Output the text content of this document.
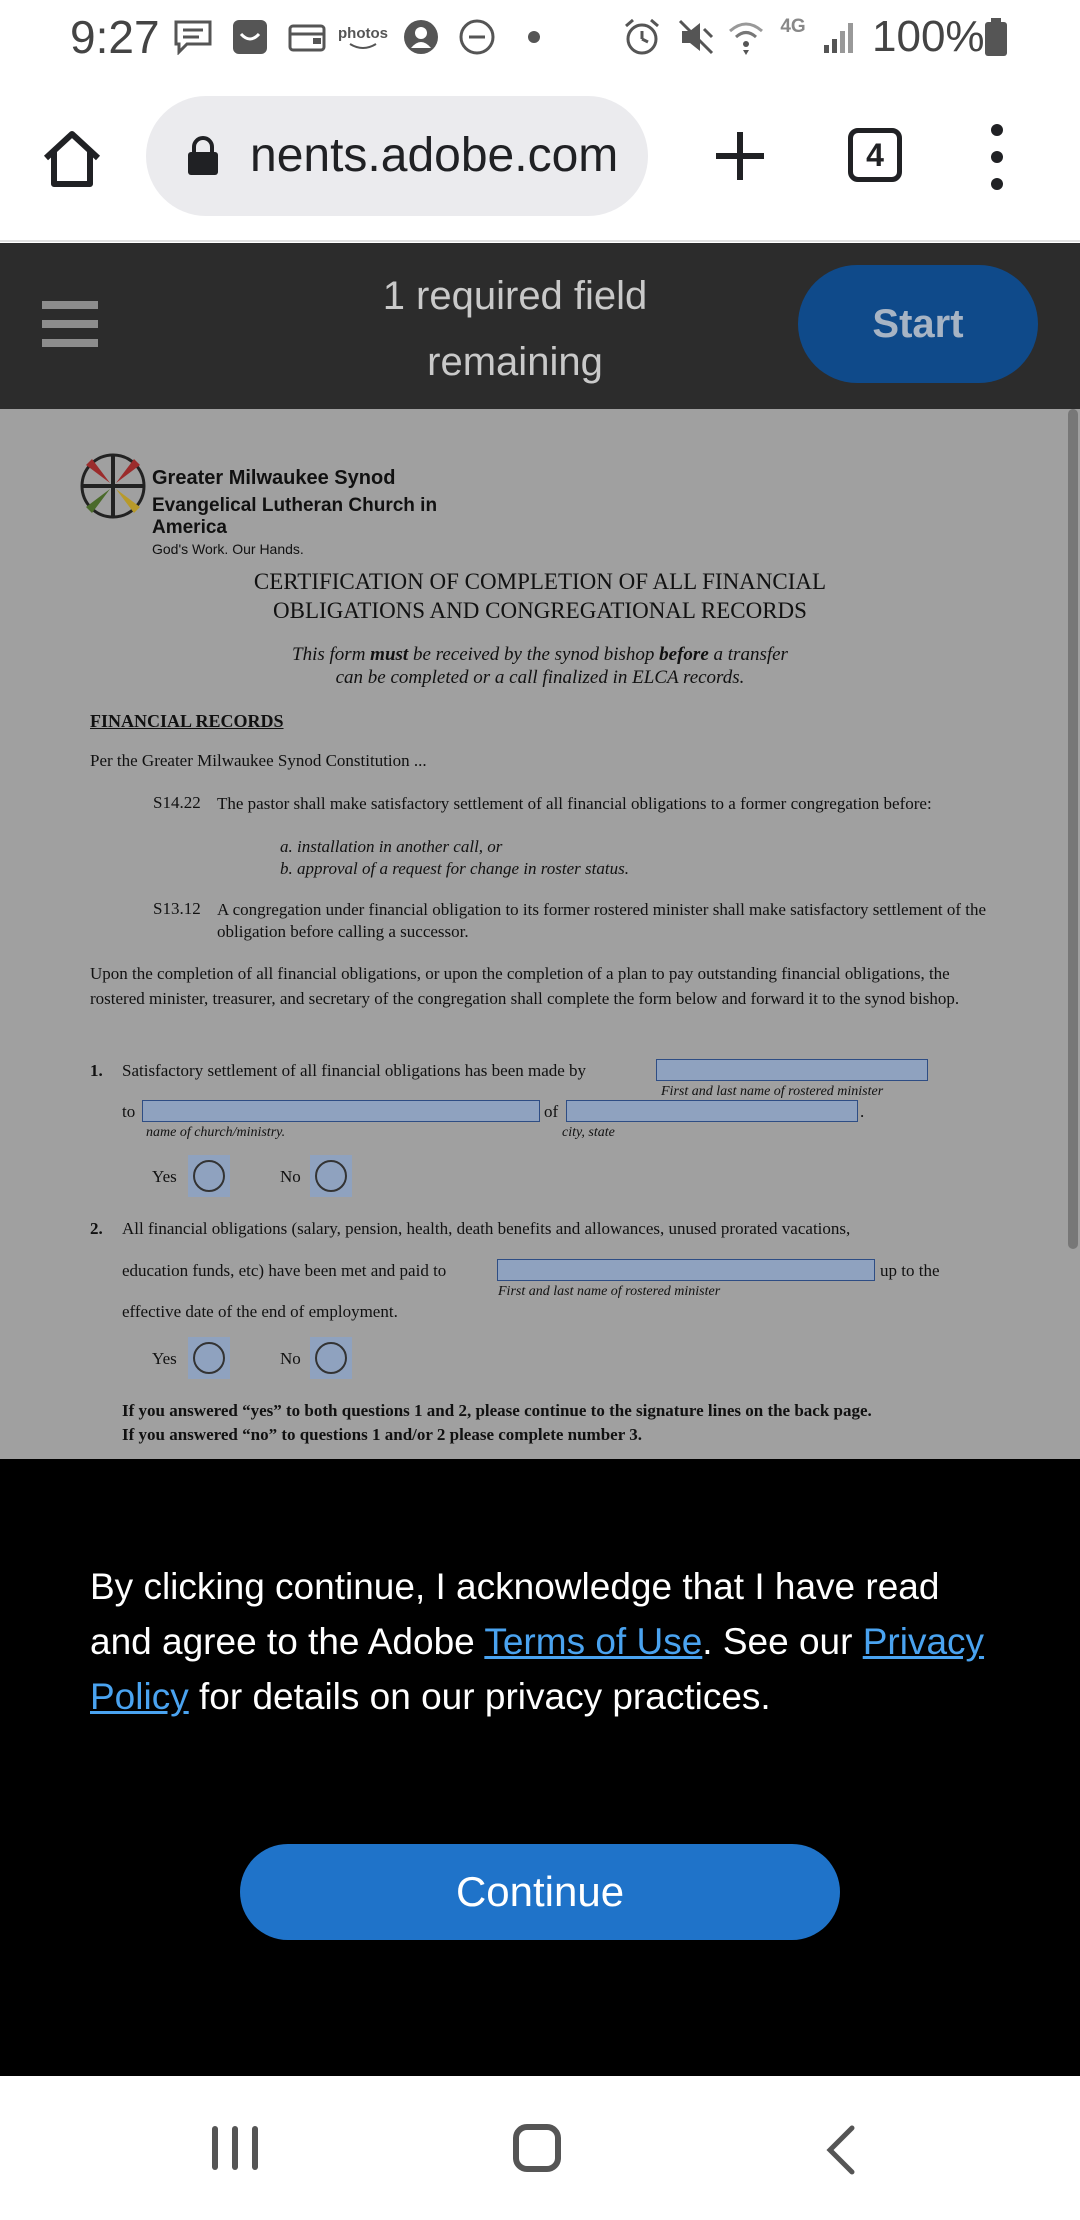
9:27	photos	4G 100%
nents.adobe.com	4
1 required field
remaining
Start
Greater Milwaukee Synod
Evangelical Lutheran Church in America
God's Work. Our Hands.
CERTIFICATION OF COMPLETION OF ALL FINANCIAL
OBLIGATIONS AND CONGREGATIONAL RECORDS
This form must be received by the synod bishop before a transfer
can be completed or a call finalized in ELCA records.
FINANCIAL RECORDS
Per the Greater Milwaukee Synod Constitution ...
S14.22 The pastor shall make satisfactory settlement of all financial obligations to a former congregation before:
a. installation in another call, or
b. approval of a request for change in roster status.
S13.12 A congregation under financial obligation to its former rostered minister shall make satisfactory settlement of the obligation before calling a successor.
Upon the completion of all financial obligations, or upon the completion of a plan to pay outstanding financial obligations, the rostered minister, treasurer, and secretary of the congregation shall complete the form below and forward it to the synod bishop.
1. Satisfactory settlement of all financial obligations has been made by
First and last name of rostered minister
to	of	.
name of church/ministry.	city, state
Yes	No
2. All financial obligations (salary, pension, health, death benefits and allowances, unused prorated vacations,
education funds, etc) have been met and paid to	up to the
First and last name of rostered minister
effective date of the end of employment.
Yes	No
If you answered “yes” to both questions 1 and 2, please continue to the signature lines on the back page.
If you answered “no” to questions 1 and/or 2 please complete number 3.
By clicking continue, I acknowledge that I have read and agree to the Adobe Terms of Use. See our Privacy Policy for details on our privacy practices.
Continue
